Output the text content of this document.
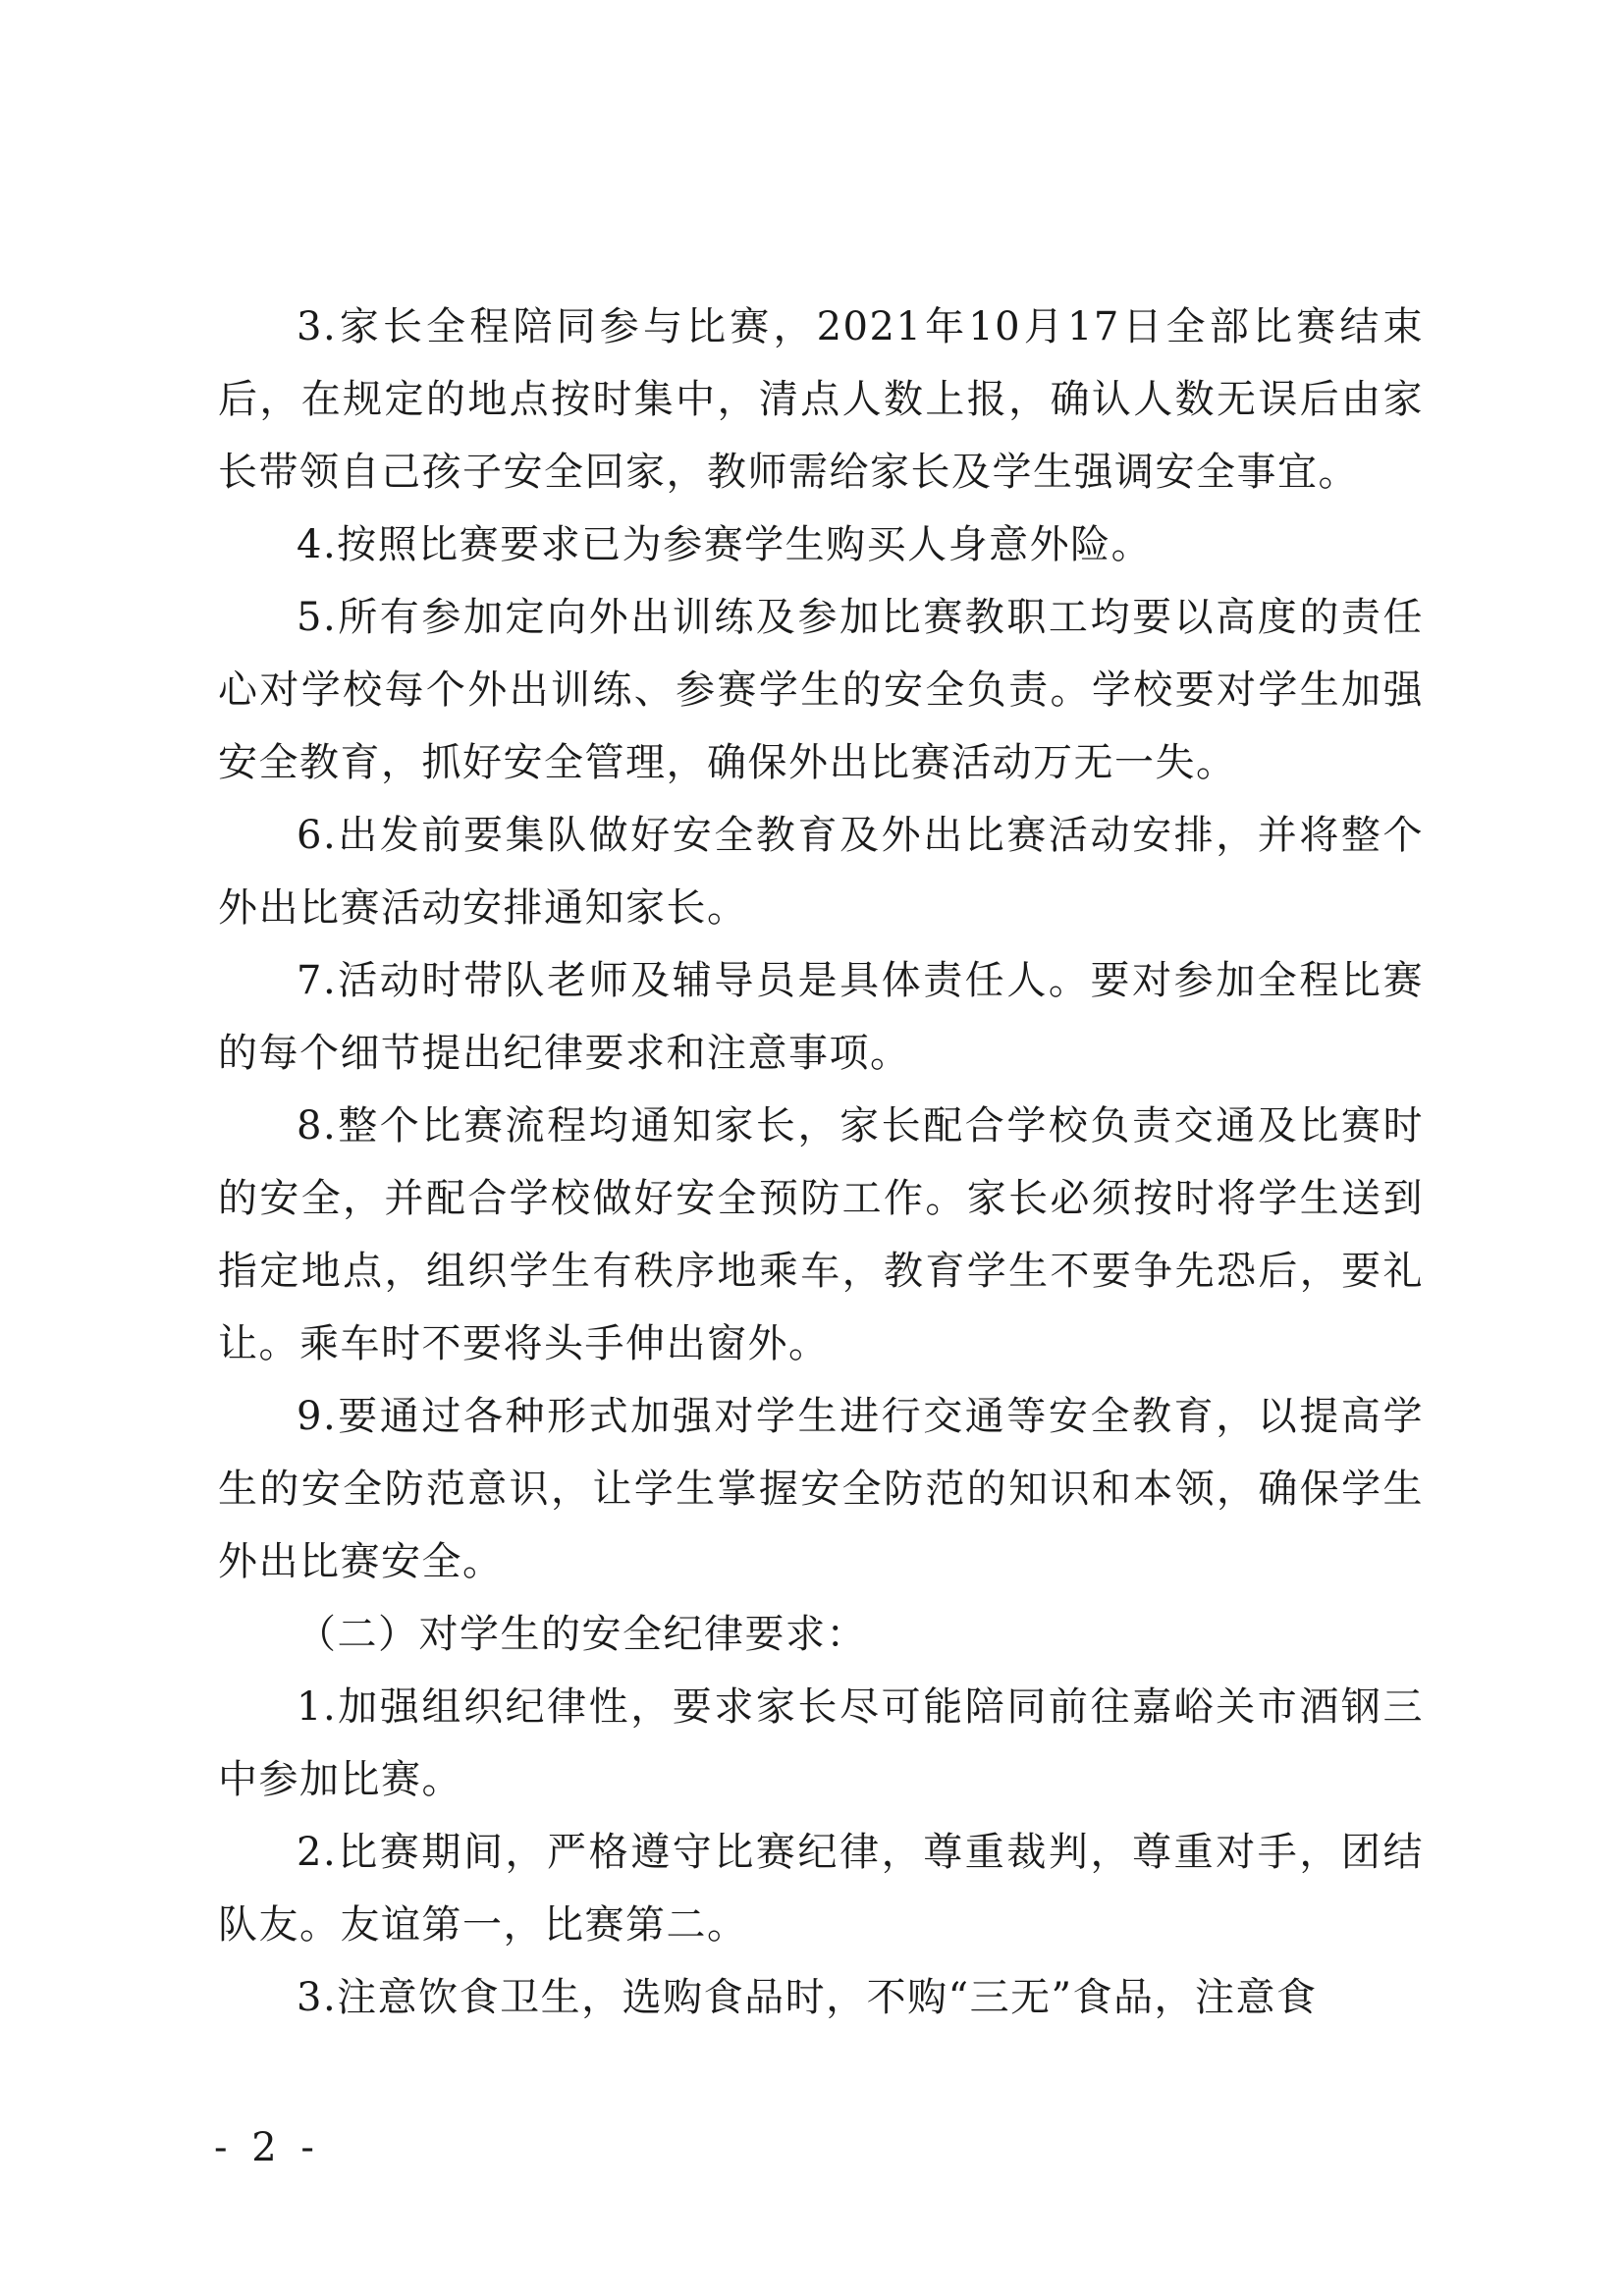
3.家长全程陪同参与比赛，2021年10月17日全部比赛结束后，在规定的地点按时集中，清点人数上报，确认人数无误后由家长带领自己孩子安全回家，教师需给家长及学生强调安全事宜。

4.按照比赛要求已为参赛学生购买人身意外险。

5.所有参加定向外出训练及参加比赛教职工均要以高度的责任心对学校每个外出训练、参赛学生的安全负责。学校要对学生加强安全教育，抓好安全管理，确保外出比赛活动万无一失。

6.出发前要集队做好安全教育及外出比赛活动安排，并将整个外出比赛活动安排通知家长。

7.活动时带队老师及辅导员是具体责任人。要对参加全程比赛的每个细节提出纪律要求和注意事项。

8.整个比赛流程均通知家长，家长配合学校负责交通及比赛时的安全，并配合学校做好安全预防工作。家长必须按时将学生送到指定地点，组织学生有秩序地乘车，教育学生不要争先恐后，要礼让。乘车时不要将头手伸出窗外。

9.要通过各种形式加强对学生进行交通等安全教育，以提高学生的安全防范意识，让学生掌握安全防范的知识和本领，确保学生外出比赛安全。

（二）对学生的安全纪律要求：

1.加强组织纪律性，要求家长尽可能陪同前往嘉峪关市酒钢三中参加比赛。

2.比赛期间，严格遵守比赛纪律，尊重裁判，尊重对手，团结队友。友谊第一，比赛第二。

3.注意饮食卫生，选购食品时，不购“三无”食品，注意食

- 2 -
